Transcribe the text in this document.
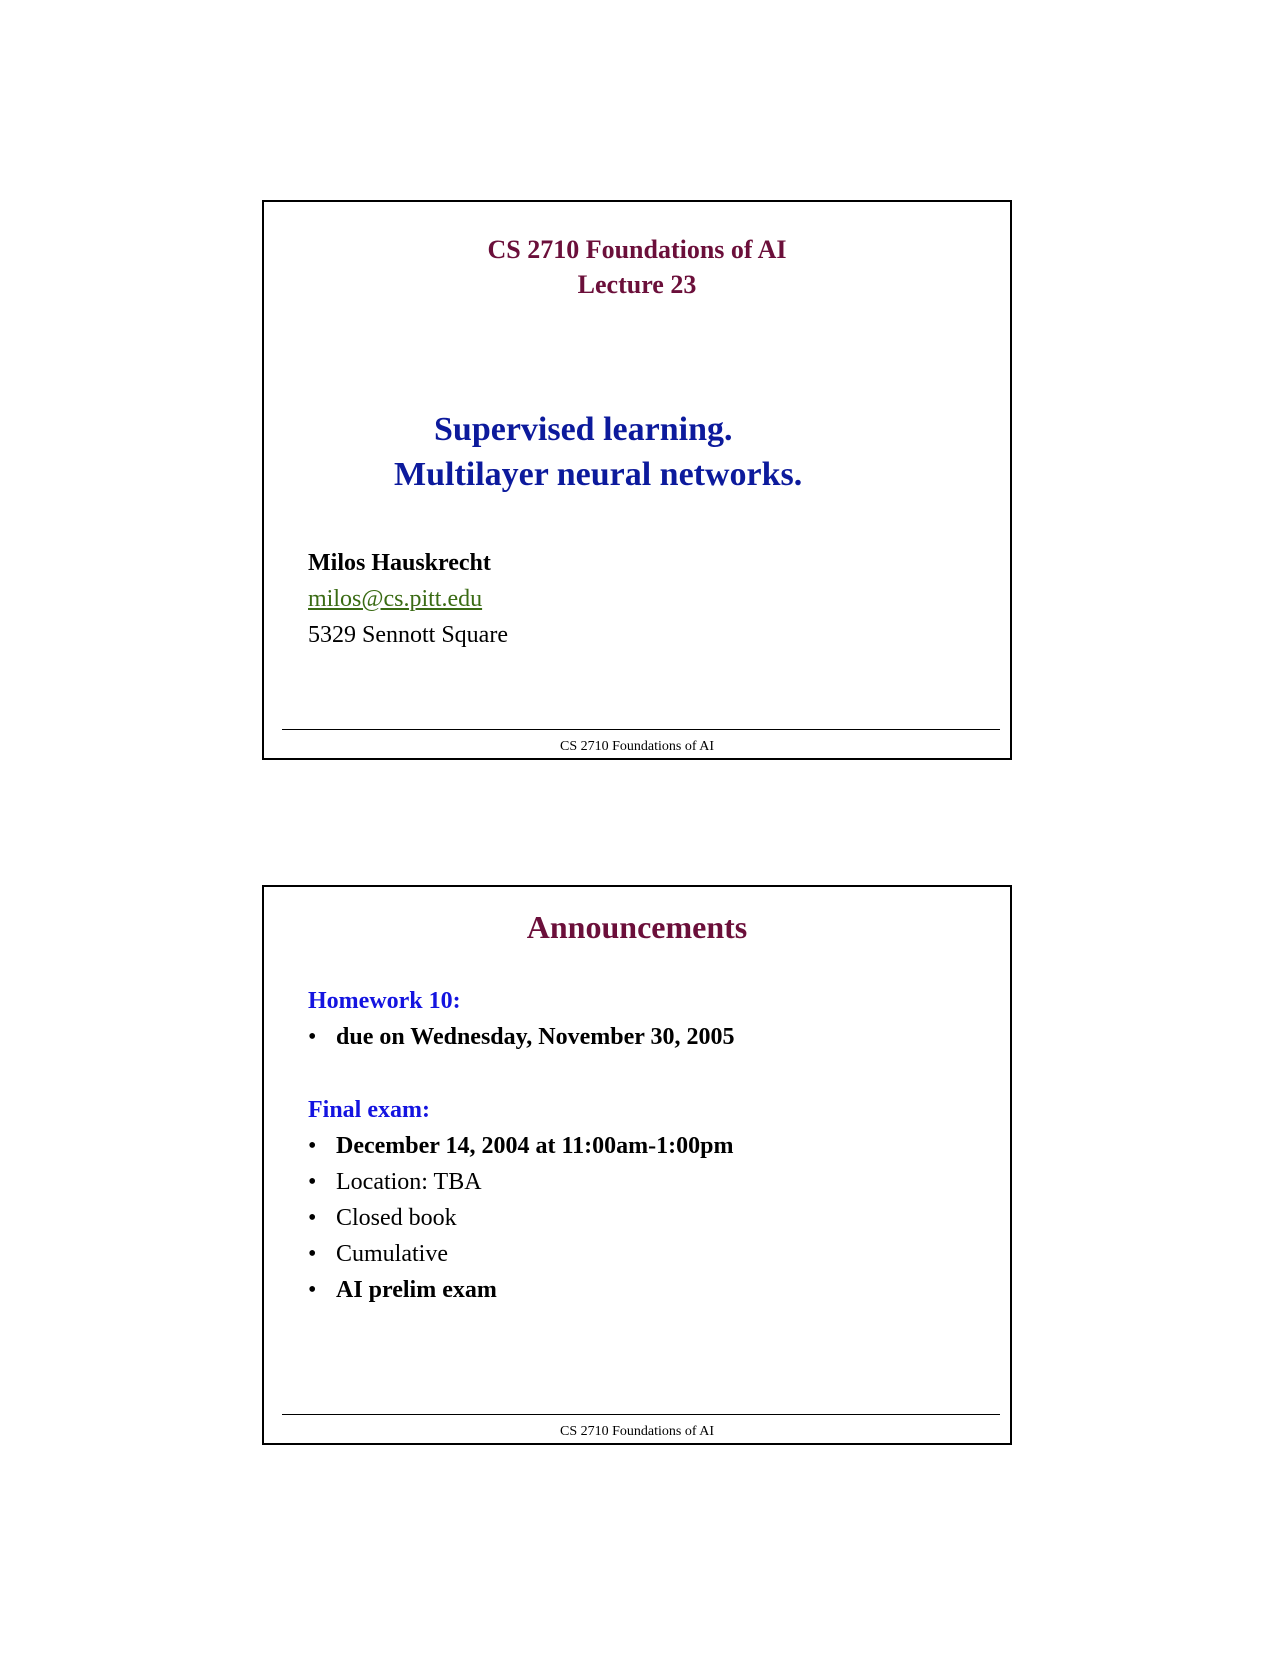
CS 2710 Foundations of AI
Lecture 23
Supervised learning.
Multilayer neural networks.
Milos Hauskrecht
milos@cs.pitt.edu
5329 Sennott Square
CS 2710 Foundations of AI
Announcements
Homework 10:
• due on Wednesday, November 30, 2005
Final exam:
• December 14, 2004 at 11:00am-1:00pm
• Location: TBA
• Closed book
• Cumulative
• AI prelim exam
CS 2710 Foundations of AI
